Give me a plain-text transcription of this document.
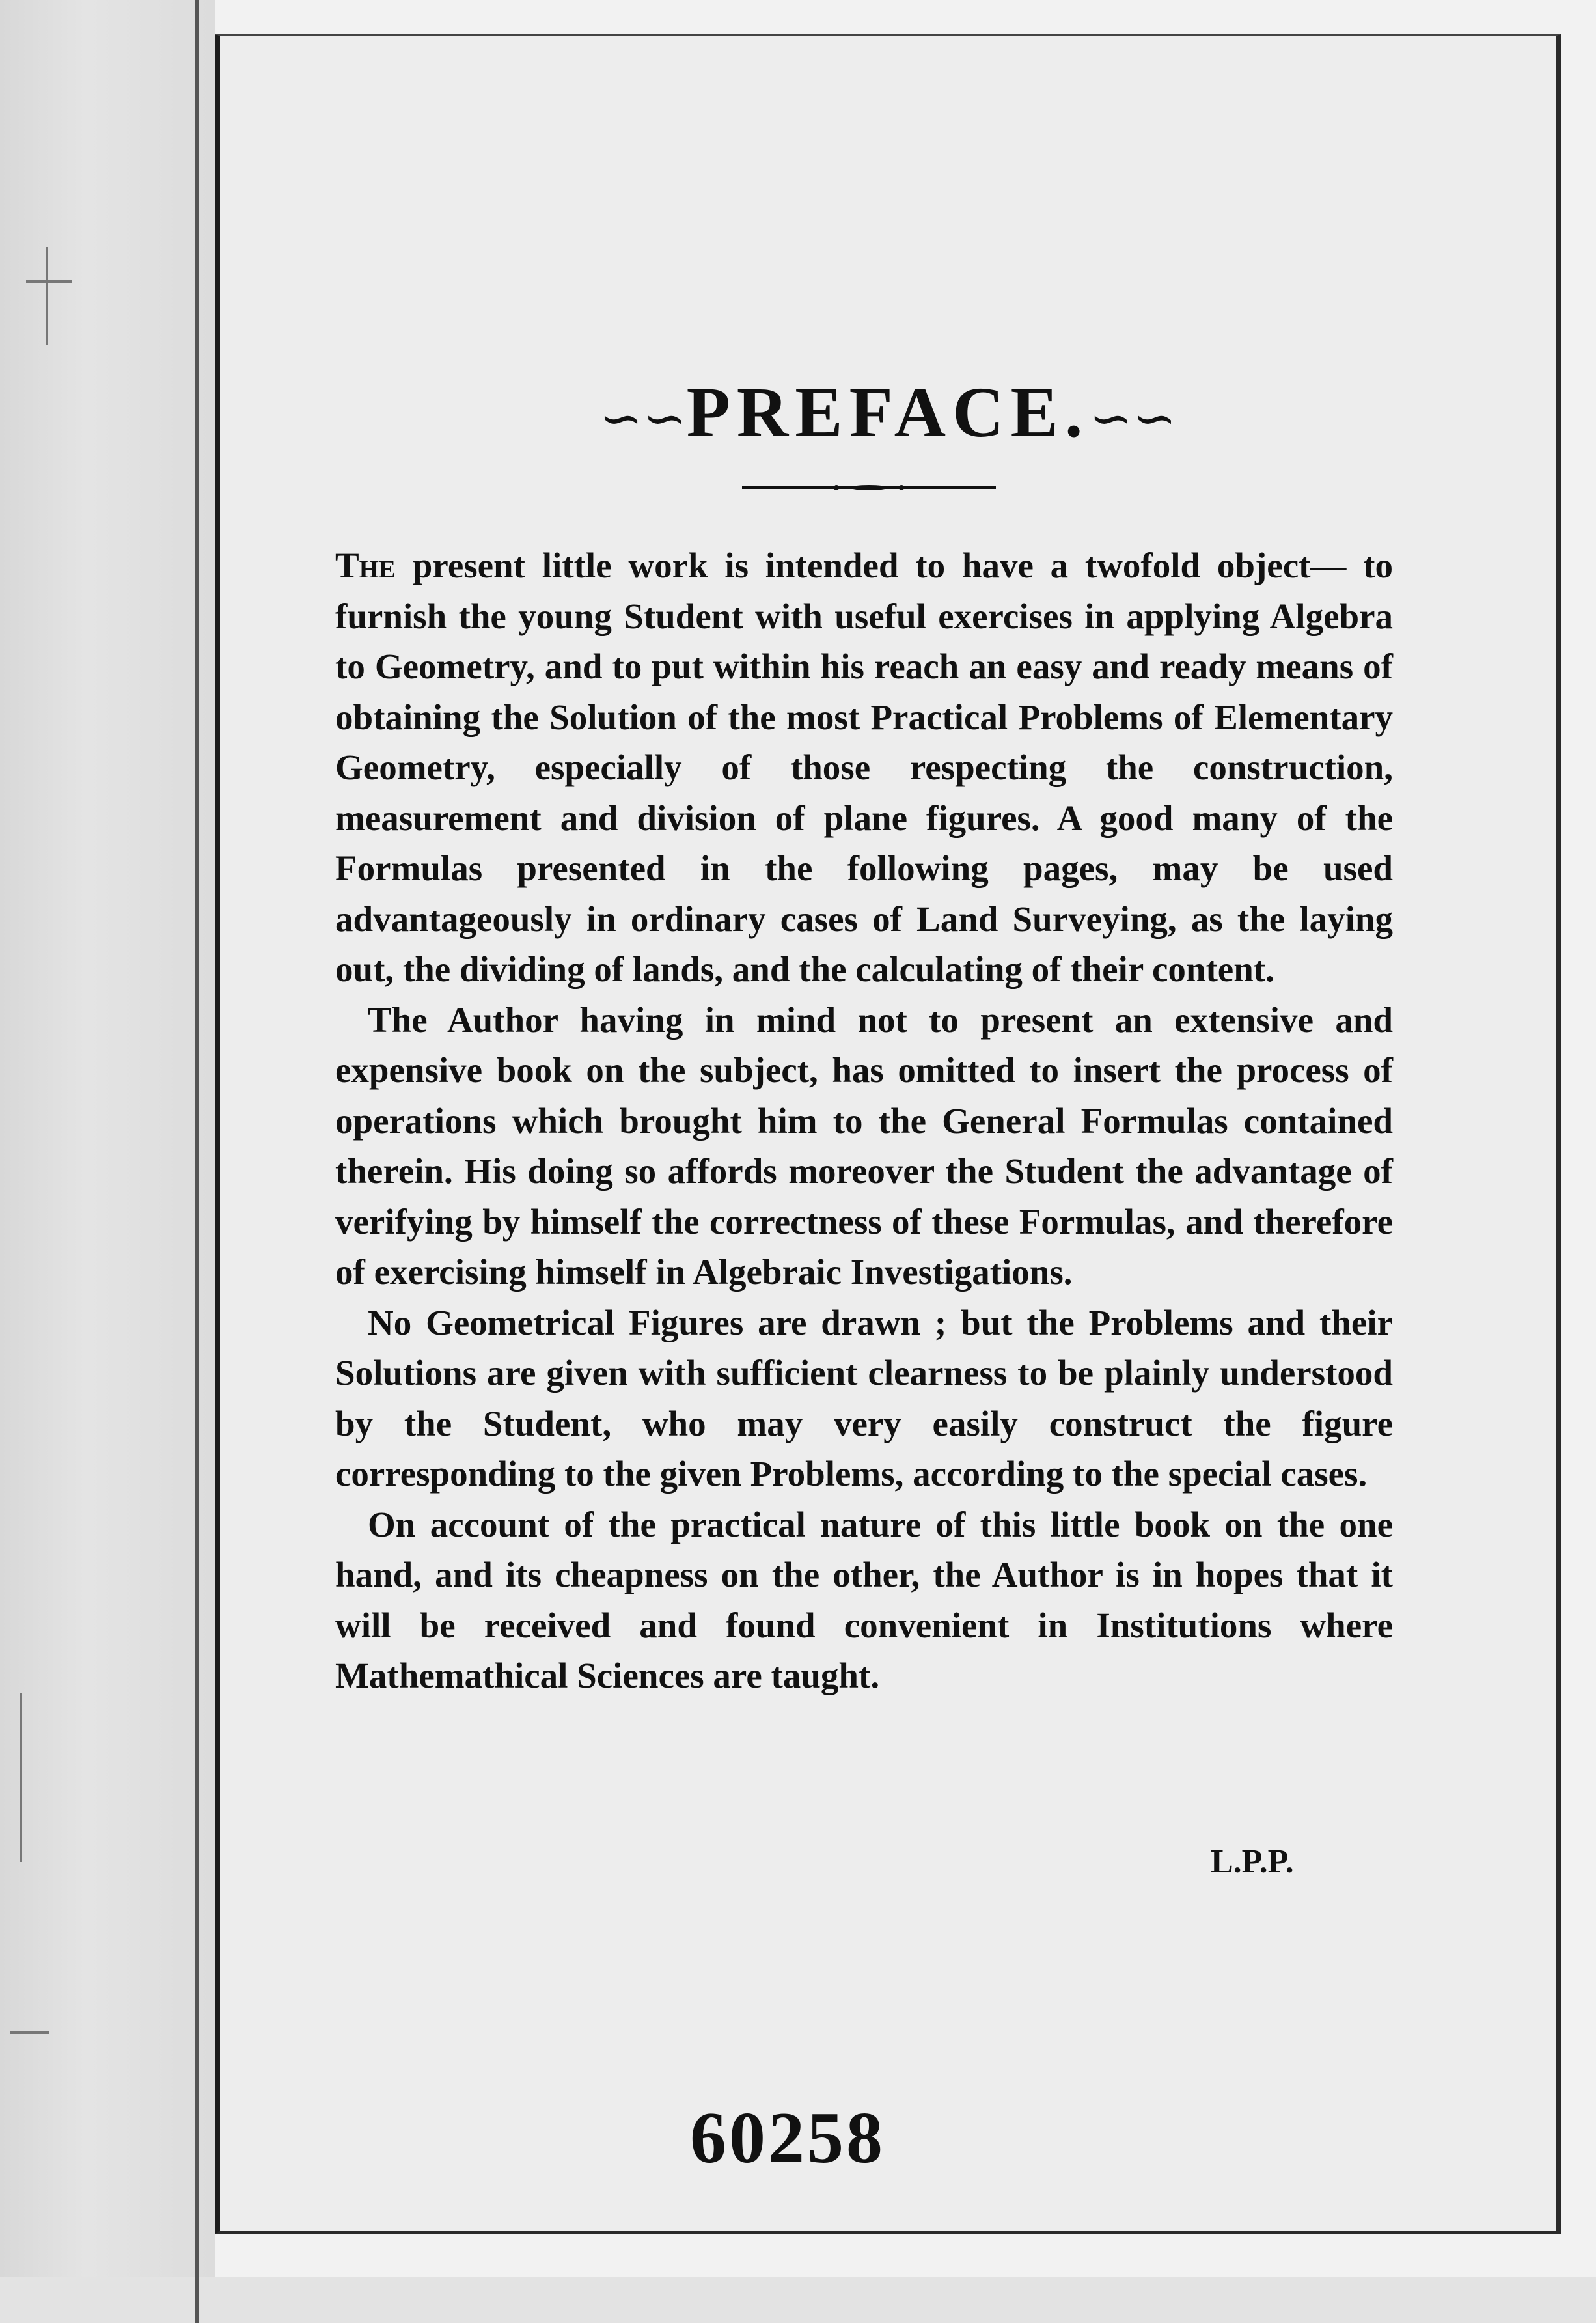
∽∽PREFACE.∽∽

The present little work is intended to have a twofold object— to furnish the young Student with useful exercises in applying Algebra to Geometry, and to put within his reach an easy and ready means of obtaining the Solution of the most Practical Problems of Elementary Geometry, especially of those respecting the construction, measurement and division of plane figures. A good many of the Formulas presented in the following pages, may be used advantageously in ordinary cases of Land Surveying, as the laying out, the dividing of lands, and the calculating of their content.

The Author having in mind not to present an extensive and expensive book on the subject, has omitted to insert the process of operations which brought him to the General Formulas contained therein. His doing so affords moreover the Student the advantage of verifying by himself the correctness of these Formulas, and therefore of exercising himself in Algebraic Investigations.

No Geometrical Figures are drawn ; but the Problems and their Solutions are given with sufficient clearness to be plainly understood by the Student, who may very easily construct the figure corresponding to the given Problems, according to the special cases.

On account of the practical nature of this little book on the one hand, and its cheapness on the other, the Author is in hopes that it will be received and found convenient in Institutions where Mathemathical Sciences are taught.

L.P.P.
60258
